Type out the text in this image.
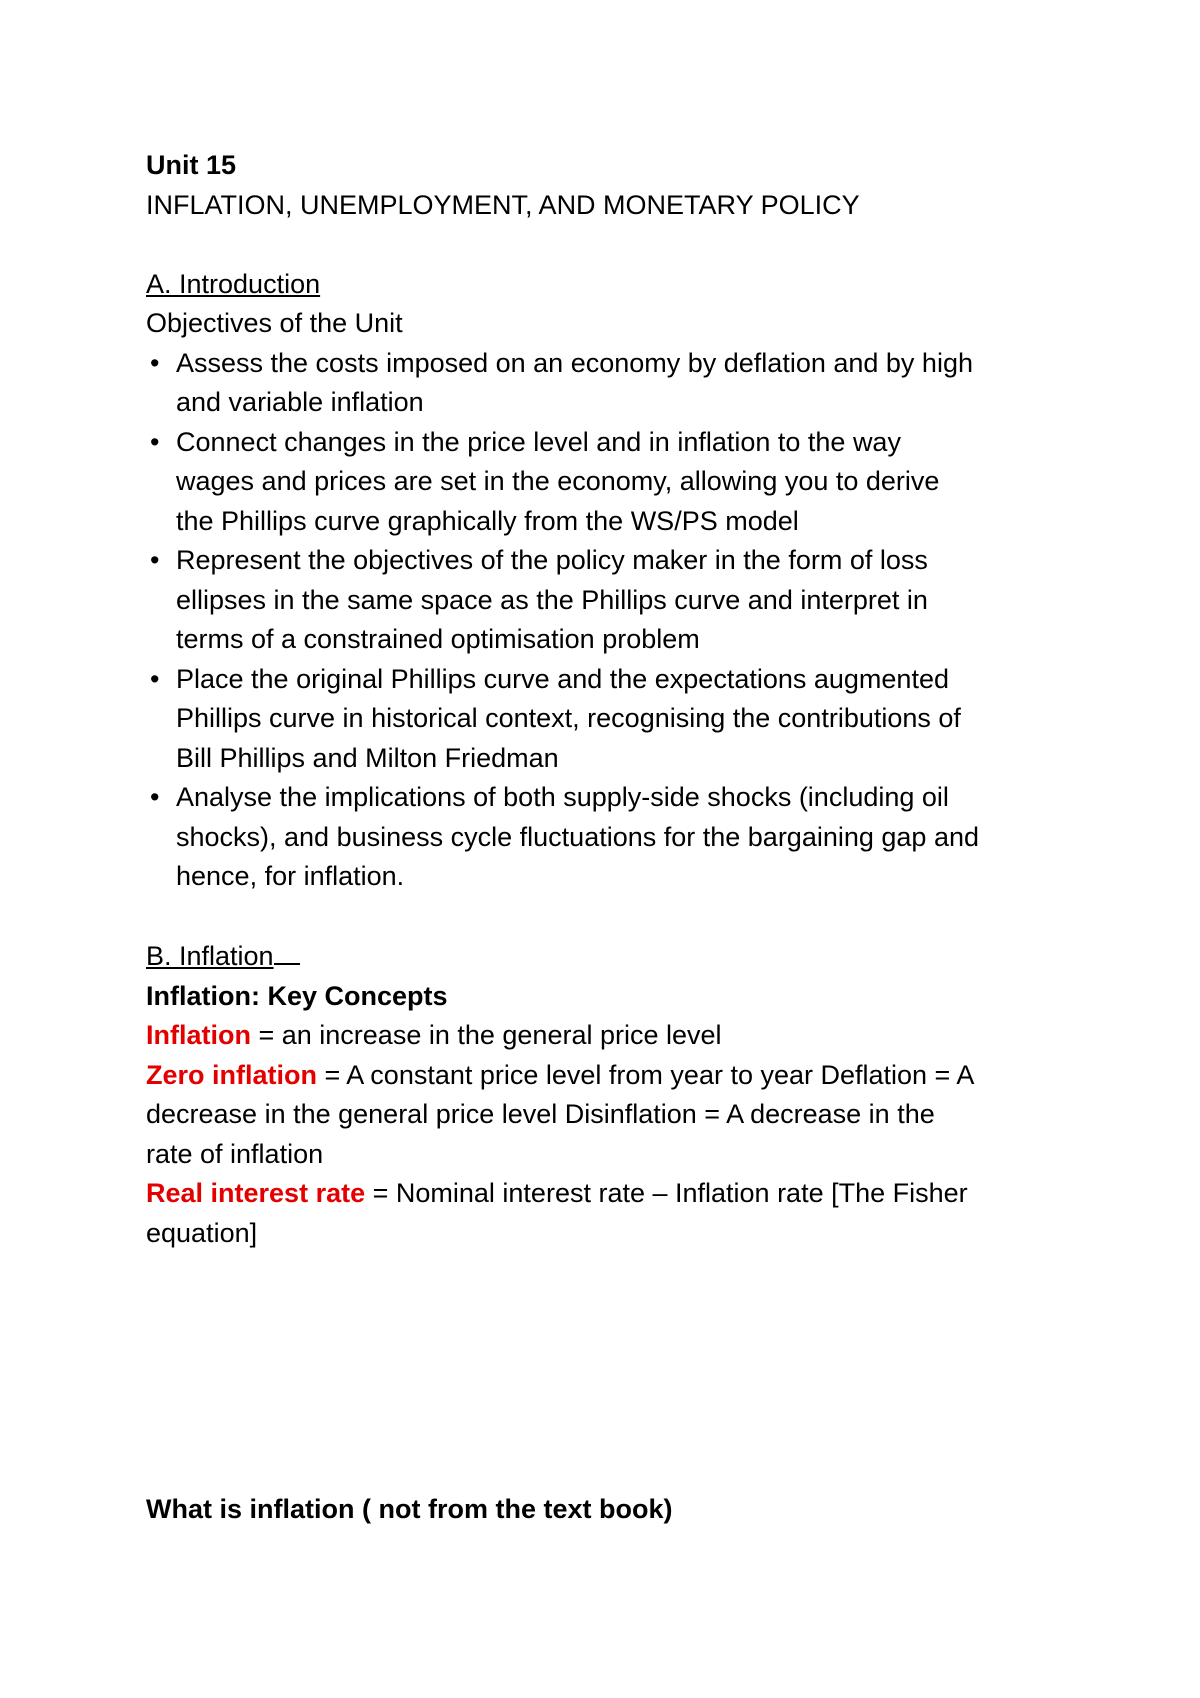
Unit 15
INFLATION, UNEMPLOYMENT, AND MONETARY POLICY
A. Introduction
Objectives of the Unit
• Assess the costs imposed on an economy by deflation and by high
and variable inflation
• Connect changes in the price level and in inflation to the way
wages and prices are set in the economy, allowing you to derive
the Phillips curve graphically from the WS/PS model
• Represent the objectives of the policy maker in the form of loss
ellipses in the same space as the Phillips curve and interpret in
terms of a constrained optimisation problem
• Place the original Phillips curve and the expectations augmented
Phillips curve in historical context, recognising the contributions of
Bill Phillips and Milton Friedman
• Analyse the implications of both supply-side shocks (including oil
shocks), and business cycle fluctuations for the bargaining gap and
hence, for inflation.
B. Inflation
Inflation: Key Concepts
Inflation = an increase in the general price level
Zero inflation = A constant price level from year to year Deflation = A
decrease in the general price level Disinflation = A decrease in the
rate of inflation
Real interest rate = Nominal interest rate – Inflation rate [The Fisher
equation]
What is inflation ( not from the text book)
